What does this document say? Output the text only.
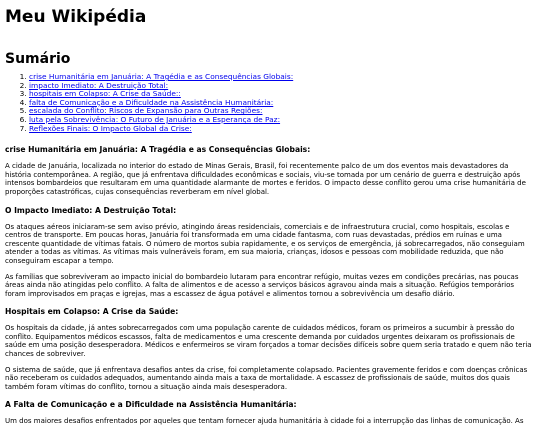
Meu Wikipédia
Sumário
1. crise Humanitária em Januária: A Tragédia e as Consequências Globais:
2. impacto Imediato: A Destruição Total:
3. hospitais em Colapso: A Crise da Saúde::
4. falta de Comunicação e a Dificuldade na Assistência Humanitária:
5. escalada do Conflito: Riscos de Expansão para Outras Regiões:
6. luta pela Sobrevivência: O Futuro de Januária e a Esperança de Paz:
7. Reflexões Finais: O Impacto Global da Crise:
crise Humanitária em Januária: A Tragédia e as Consequências Globais:

A cidade de Januária, localizada no interior do estado de Minas Gerais, Brasil, foi recentemente palco de um dos eventos mais devastadores da história contemporânea. A região, que já enfrentava dificuldades econômicas e sociais, viu-se tomada por um cenário de guerra e destruição após intensos bombardeios que resultaram em uma quantidade alarmante de mortes e feridos. O impacto desse conflito gerou uma crise humanitária de proporções catastróficas, cujas consequências reverberam em nível global.

O Impacto Imediato: A Destruição Total:

Os ataques aéreos iniciaram-se sem aviso prévio, atingindo áreas residenciais, comerciais e de infraestrutura crucial, como hospitais, escolas e centros de transporte. Em poucas horas, Januária foi transformada em uma cidade fantasma, com ruas devastadas, prédios em ruínas e uma crescente quantidade de vítimas fatais. O número de mortos subia rapidamente, e os serviços de emergência, já sobrecarregados, não conseguiam atender a todas as vítimas. As vítimas mais vulneráveis foram, em sua maioria, crianças, idosos e pessoas com mobilidade reduzida, que não conseguiram escapar a tempo.

As famílias que sobreviveram ao impacto inicial do bombardeio lutaram para encontrar refúgio, muitas vezes em condições precárias, nas poucas áreas ainda não atingidas pelo conflito. A falta de alimentos e de acesso a serviços básicos agravou ainda mais a situação. Refúgios temporários foram improvisados em praças e igrejas, mas a escassez de água potável e alimentos tornou a sobrevivência um desafio diário.

Hospitais em Colapso: A Crise da Saúde:

Os hospitais da cidade, já antes sobrecarregados com uma população carente de cuidados médicos, foram os primeiros a sucumbir à pressão do conflito. Equipamentos médicos escassos, falta de medicamentos e uma crescente demanda por cuidados urgentes deixaram os profissionais de saúde em uma posição desesperadora. Médicos e enfermeiros se viram forçados a tomar decisões difíceis sobre quem seria tratado e quem não teria chances de sobreviver.

O sistema de saúde, que já enfrentava desafios antes da crise, foi completamente colapsado. Pacientes gravemente feridos e com doenças crônicas não receberam os cuidados adequados, aumentando ainda mais a taxa de mortalidade. A escassez de profissionais de saúde, muitos dos quais também foram vítimas do conflito, tornou a situação ainda mais desesperadora.

A Falta de Comunicação e a Dificuldade na Assistência Humanitária:

Um dos maiores desafios enfrentados por aqueles que tentam fornecer ajuda humanitária à cidade foi a interrupção das linhas de comunicação. As
